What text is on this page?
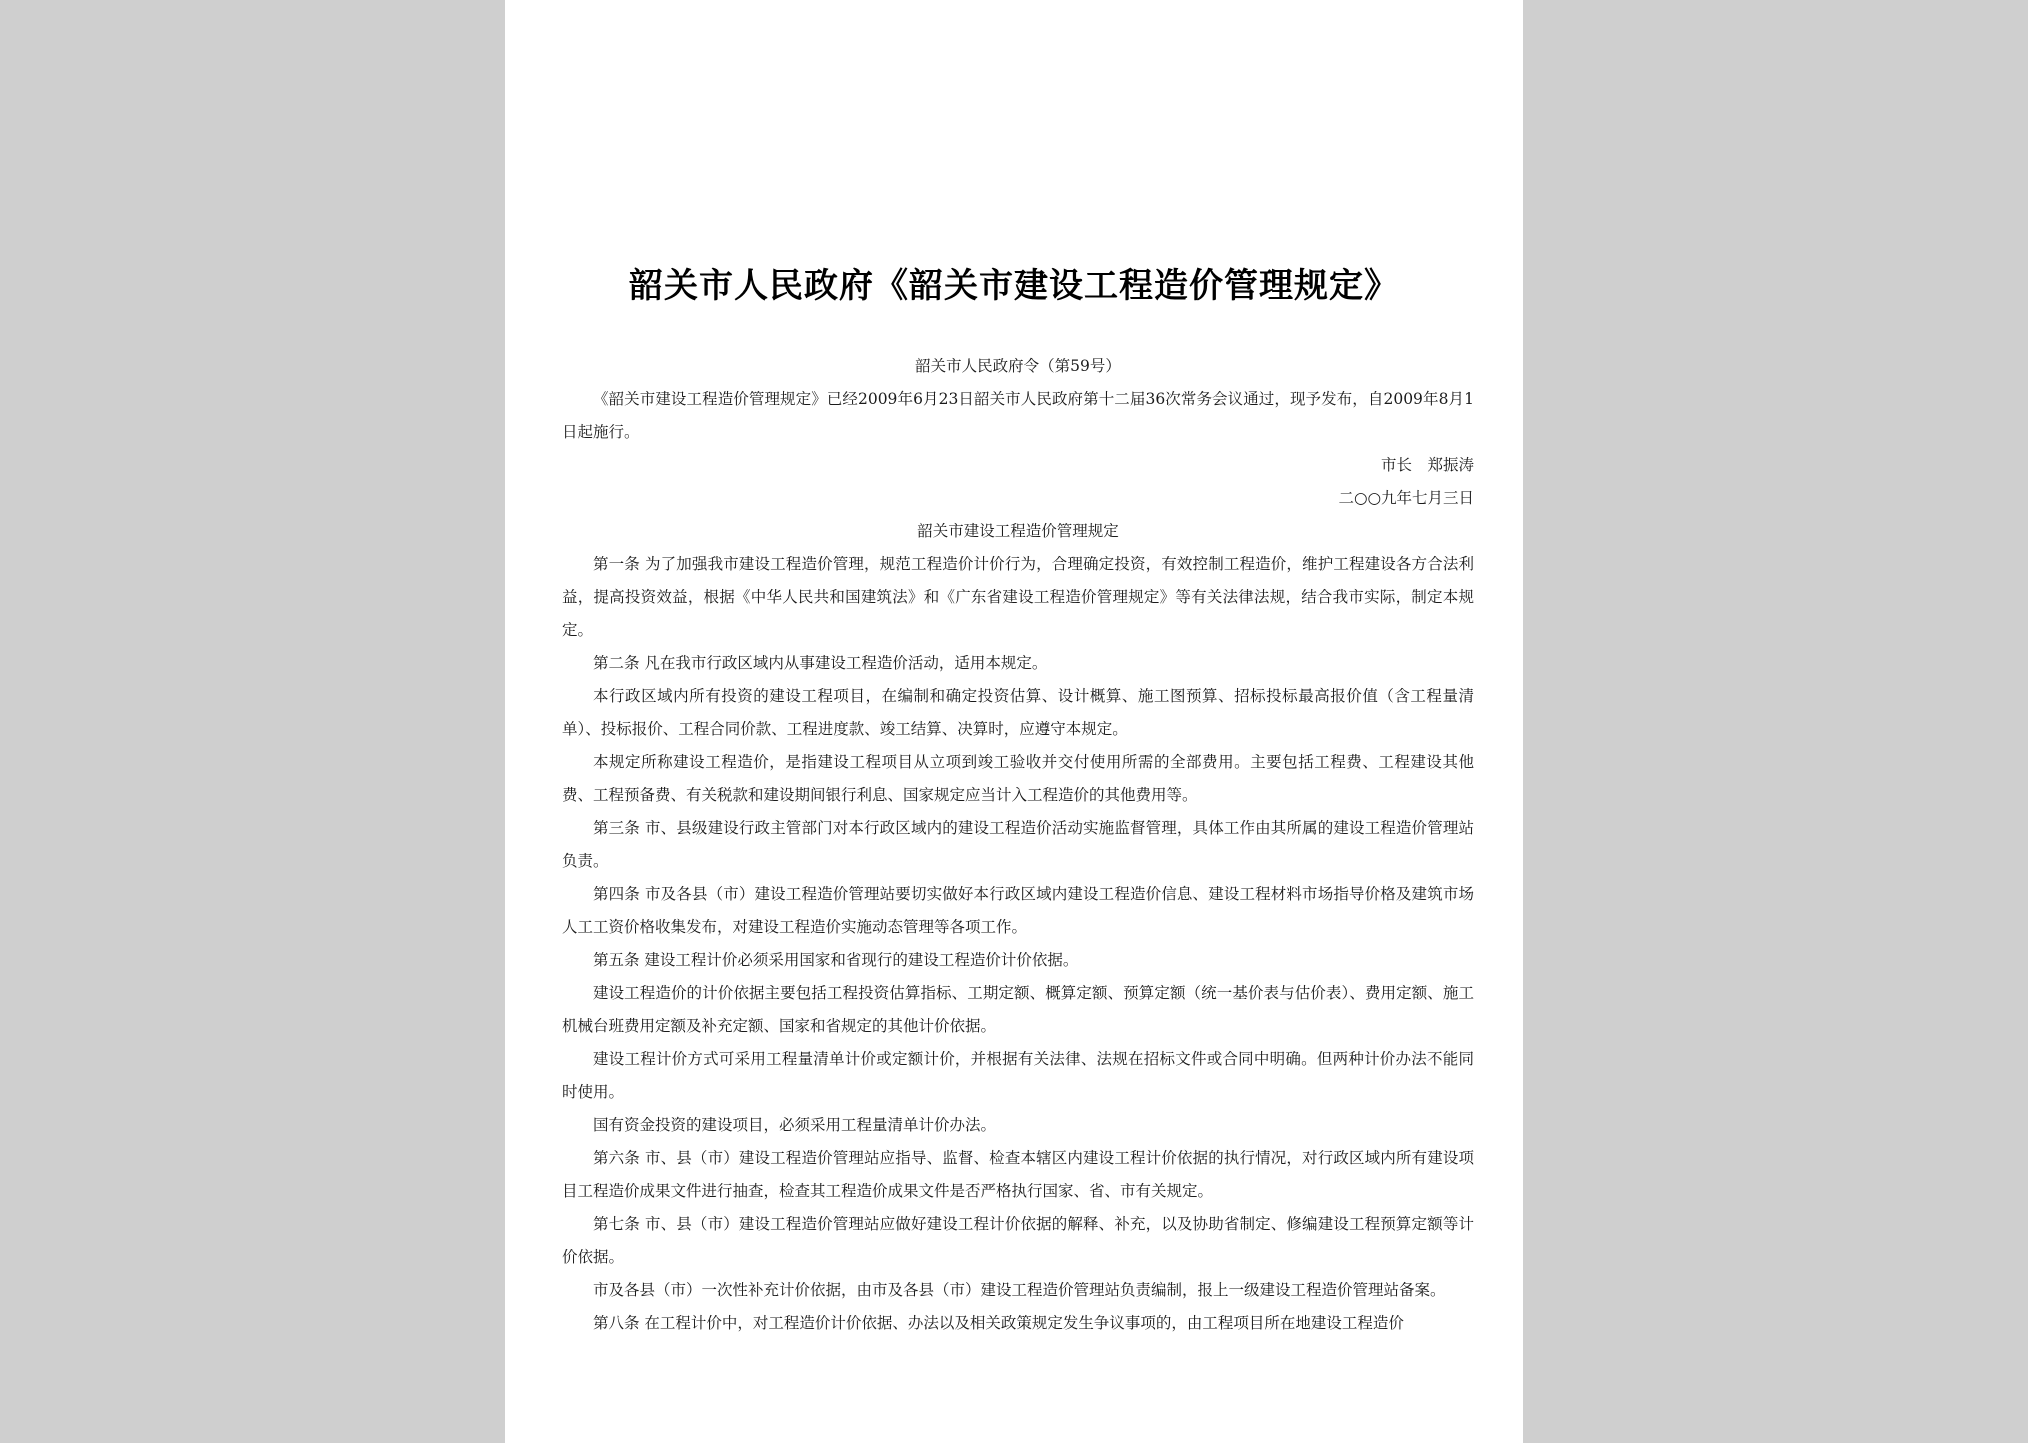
韶关市人民政府《韶关市建设工程造价管理规定》

韶关市人民政府令（第59号）

《韶关市建设工程造价管理规定》已经2009年6月23日韶关市人民政府第十二届36次常务会议通过，现予发布，自2009年8月1日起施行。

市长　郑振涛

二○○九年七月三日

韶关市建设工程造价管理规定

第一条 为了加强我市建设工程造价管理，规范工程造价计价行为，合理确定投资，有效控制工程造价，维护工程建设各方合法利益，提高投资效益，根据《中华人民共和国建筑法》和《广东省建设工程造价管理规定》等有关法律法规，结合我市实际，制定本规定。

第二条 凡在我市行政区域内从事建设工程造价活动，适用本规定。

本行政区域内所有投资的建设工程项目，在编制和确定投资估算、设计概算、施工图预算、招标投标最高报价值（含工程量清单）、投标报价、工程合同价款、工程进度款、竣工结算、决算时，应遵守本规定。

本规定所称建设工程造价，是指建设工程项目从立项到竣工验收并交付使用所需的全部费用。主要包括工程费、工程建设其他费、工程预备费、有关税款和建设期间银行利息、国家规定应当计入工程造价的其他费用等。

第三条 市、县级建设行政主管部门对本行政区域内的建设工程造价活动实施监督管理，具体工作由其所属的建设工程造价管理站负责。

第四条 市及各县（市）建设工程造价管理站要切实做好本行政区域内建设工程造价信息、建设工程材料市场指导价格及建筑市场人工工资价格收集发布，对建设工程造价实施动态管理等各项工作。

第五条 建设工程计价必须采用国家和省现行的建设工程造价计价依据。

建设工程造价的计价依据主要包括工程投资估算指标、工期定额、概算定额、预算定额（统一基价表与估价表）、费用定额、施工机械台班费用定额及补充定额、国家和省规定的其他计价依据。

建设工程计价方式可采用工程量清单计价或定额计价，并根据有关法律、法规在招标文件或合同中明确。但两种计价办法不能同时使用。

国有资金投资的建设项目，必须采用工程量清单计价办法。

第六条 市、县（市）建设工程造价管理站应指导、监督、检查本辖区内建设工程计价依据的执行情况，对行政区域内所有建设项目工程造价成果文件进行抽查，检查其工程造价成果文件是否严格执行国家、省、市有关规定。

第七条 市、县（市）建设工程造价管理站应做好建设工程计价依据的解释、补充，以及协助省制定、修编建设工程预算定额等计价依据。

市及各县（市）一次性补充计价依据，由市及各县（市）建设工程造价管理站负责编制，报上一级建设工程造价管理站备案。

第八条 在工程计价中，对工程造价计价依据、办法以及相关政策规定发生争议事项的，由工程项目所在地建设工程造价
